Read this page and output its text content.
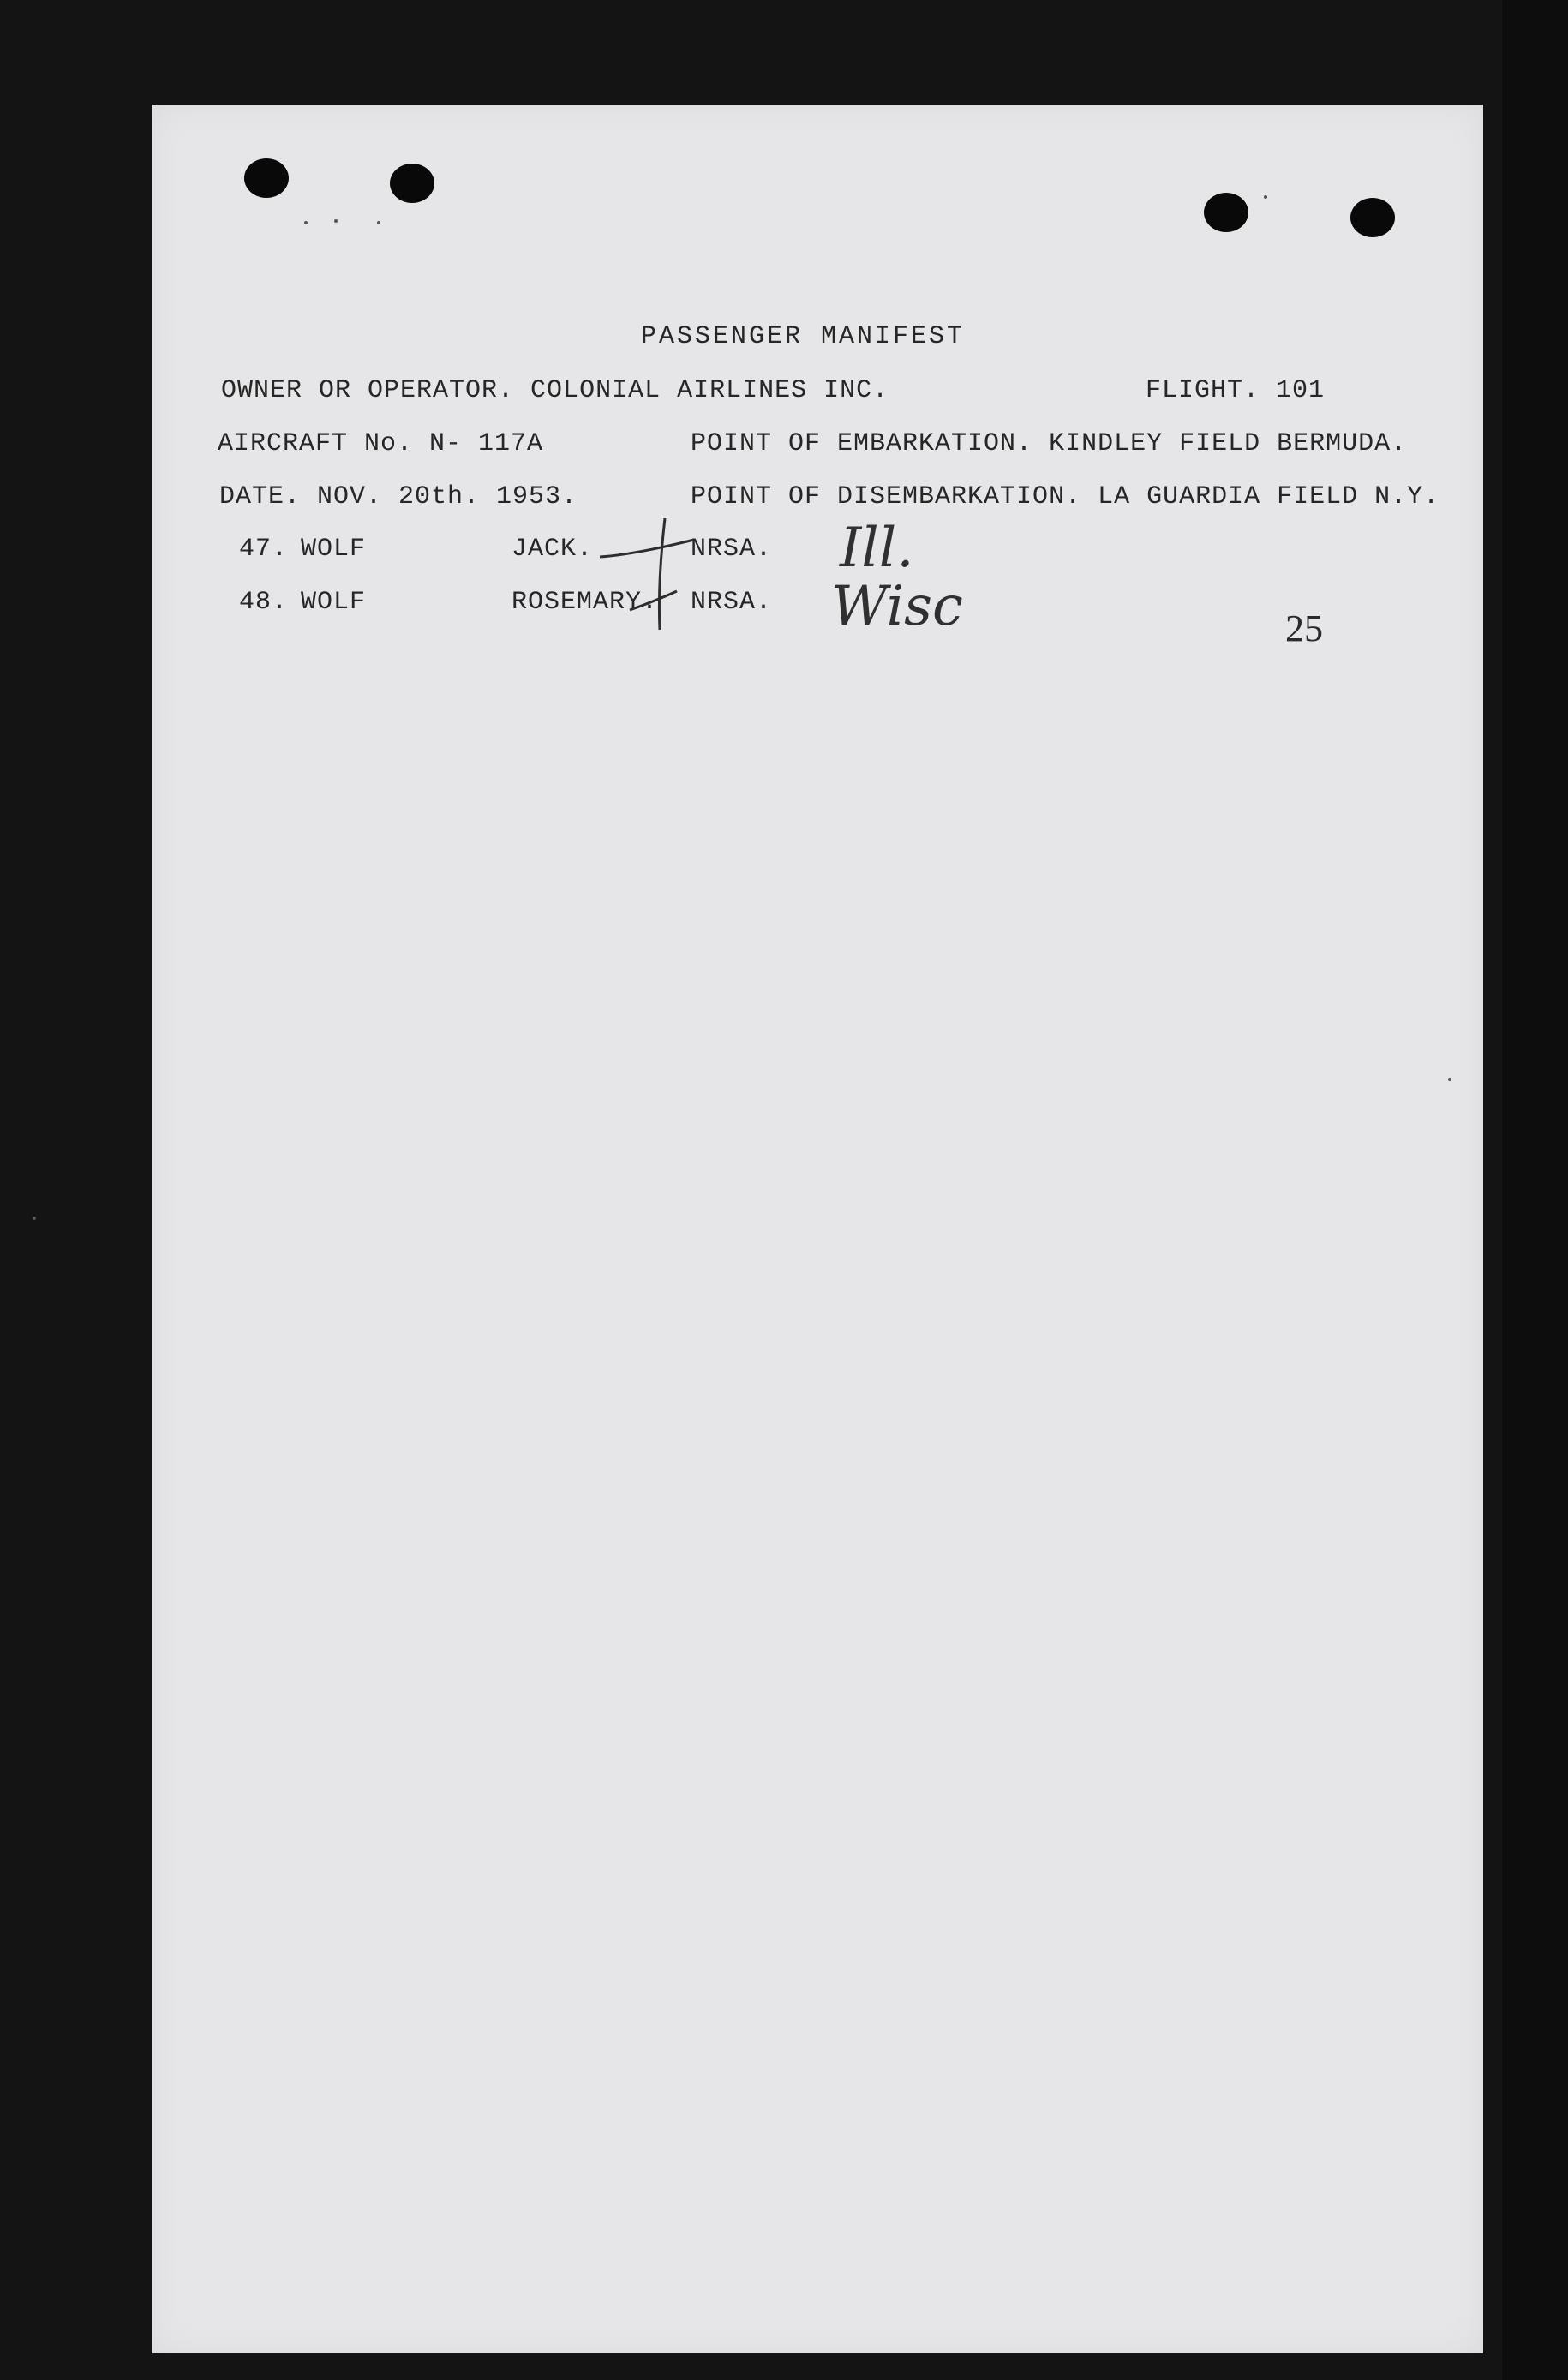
PASSENGER MANIFEST
OWNER OR OPERATOR. COLONIAL AIRLINES INC.	FLIGHT. 101
AIRCRAFT No. N- 117A	POINT OF EMBARKATION. KINDLEY FIELD BERMUDA.
DATE. NOV. 20th. 1953.	POINT OF DISEMBARKATION. LA GUARDIA FIELD N.Y.
47. WOLF	JACK.	NRSA. Ill.
48. WOLF	ROSEMARY. NRSA. Wisc	25
